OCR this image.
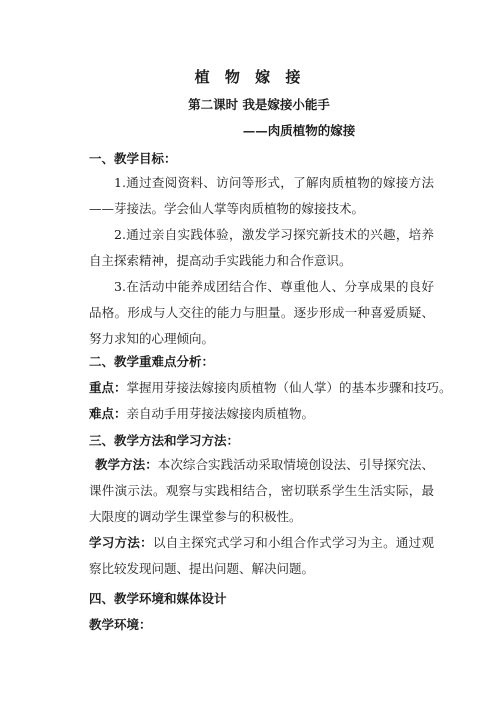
植 物 嫁 接
第二课时 我是嫁接小能手
——肉质植物的嫁接
一、教学目标：
1.通过查阅资料、访问等形式，了解肉质植物的嫁接方法——芽接法。学会仙人掌等肉质植物的嫁接技术。
2.通过亲自实践体验，激发学习探究新技术的兴趣，培养自主探索精神，提高动手实践能力和合作意识。
3.在活动中能养成团结合作、尊重他人、分享成果的良好品格。形成与人交往的能力与胆量。逐步形成一种喜爱质疑、努力求知的心理倾向。
二、教学重难点分析：
重点：掌握用芽接法嫁接肉质植物（仙人掌）的基本步骤和技巧。
难点：亲自动手用芽接法嫁接肉质植物。
三、教学方法和学习方法：
教学方法：本次综合实践活动采取情境创设法、引导探究法、课件演示法。观察与实践相结合，密切联系学生生活实际，最大限度的调动学生课堂参与的积极性。
学习方法：以自主探究式学习和小组合作式学习为主。通过观察比较发现问题、提出问题、解决问题。
四、教学环境和媒体设计
教学环境：
